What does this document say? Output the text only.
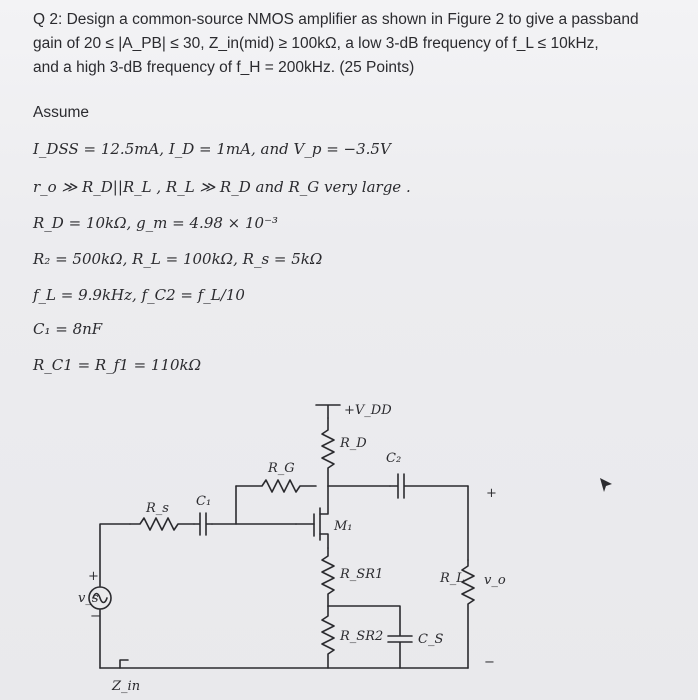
Q 2: Design a common-source NMOS amplifier as shown in Figure 2 to give a passband
gain of 20 ≤ |A_PB| ≤ 30, Z_in(mid) ≥ 100kΩ, a low 3-dB frequency of f_L ≤ 10kHz,
and a high 3-dB frequency of f_H = 200kHz. (25 Points)
Assume
I_DSS = 12.5mA, I_D = 1mA, and V_p = −3.5V
r_o ≫ R_D||R_L , R_L ≫ R_D and R_G very large .
R_D = 10kΩ, g_m = 4.98 × 10⁻³
R₂ = 500kΩ, R_L = 100kΩ, R_s = 5kΩ
f_L = 9.9kHz, f_C2 = f_L/10
C₁ = 8nF
R_C1 = R_f1 = 110kΩ
+V_DD
R_D
C₂
R_G
R_s C₁
M₁
R_SR1
R_SR2	C_S
R_L v_o
+
−
+
−
v_s
Z_in
